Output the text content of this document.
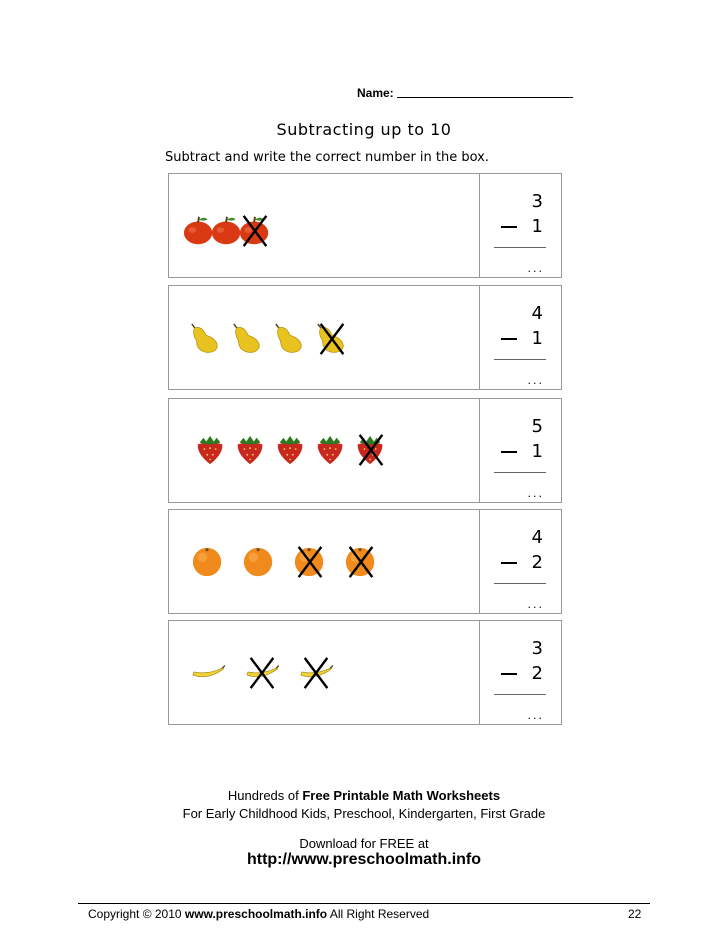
Name:
Subtracting up to 10
Subtract and write the correct number in the box.
3
1
...
4
1
...
5
1
...
4
2
...
3
2
...
Hundreds of Free Printable Math Worksheets
For Early Childhood Kids, Preschool, Kindergarten, First Grade
Download for FREE at
http://www.preschoolmath.info
Copyright © 2010 www.preschoolmath.info All Right Reserved	22
